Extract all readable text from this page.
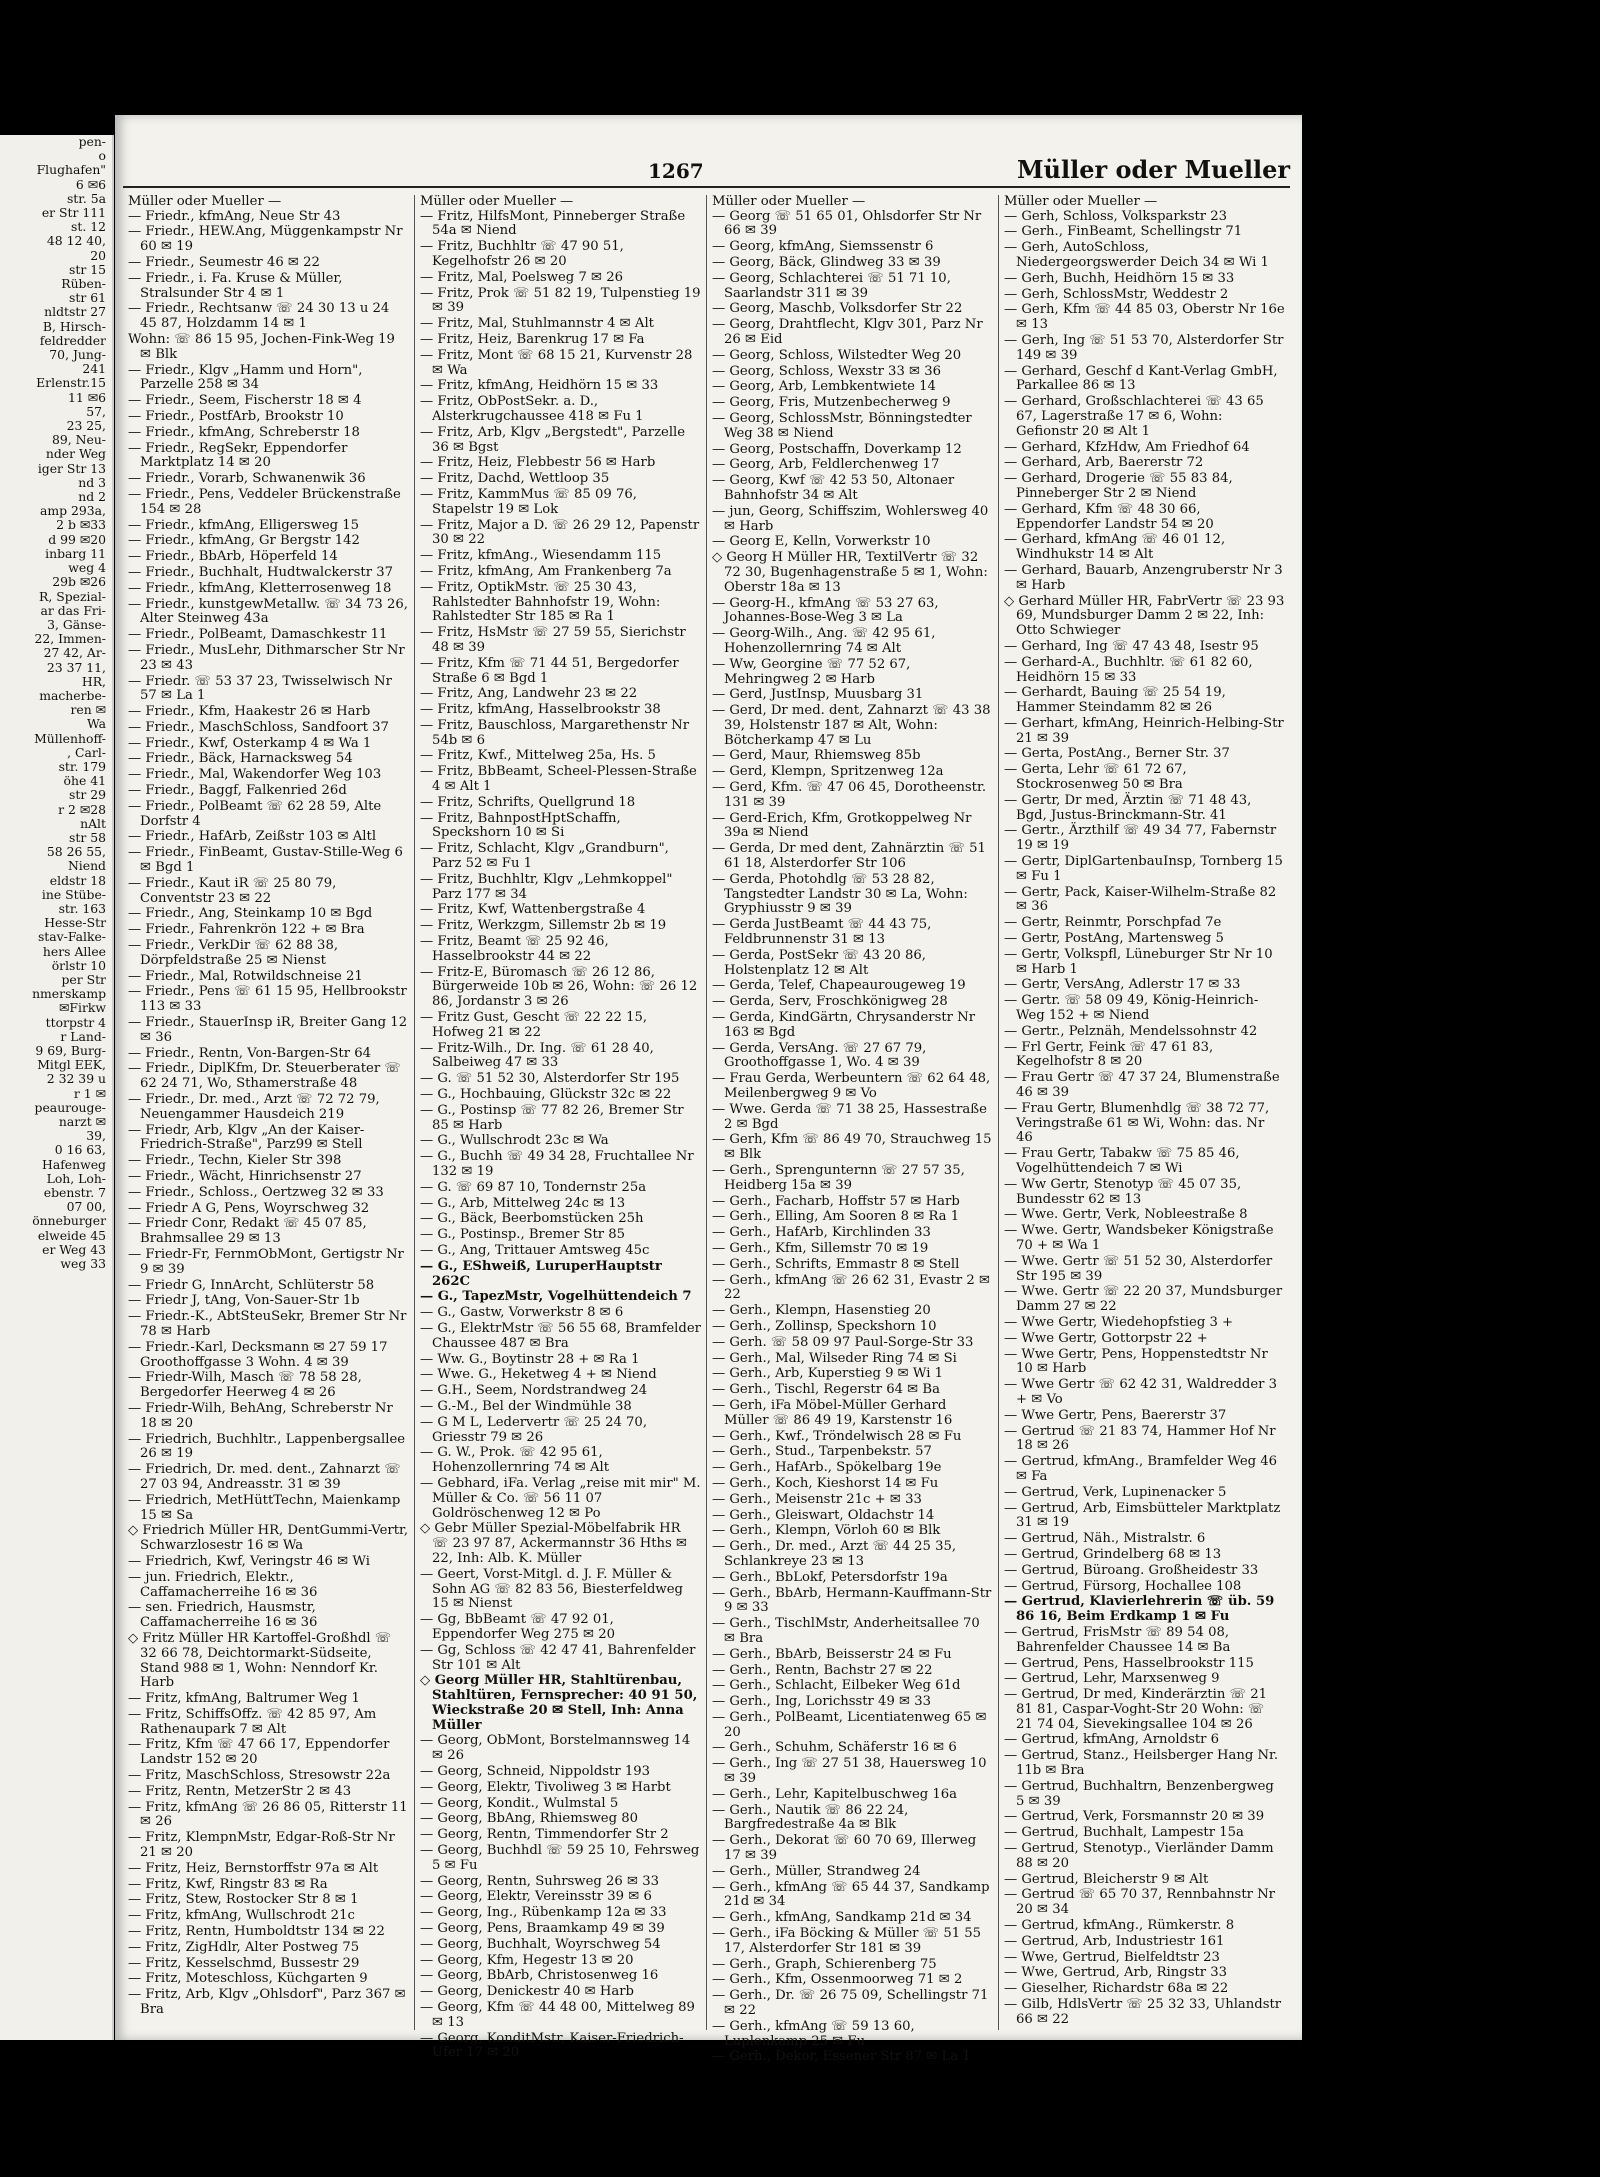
pen-
o
Flughafen"
6 ✉6
str. 5a
er Str 111
st. 12
48 12 40,
20
str 15
Rüben-
str 61
nldtstr 27
B, Hirsch-
feldredder
70, Jung-
241
Erlenstr.15
11 ✉6
57,
23 25,
89, Neu-
nder Weg
iger Str 13
nd 3
nd 2
amp 293a,
2 b ✉33
d 99 ✉20
inbarg 11
weg 4
29b ✉26
R, Spezial-
ar das Fri-
3, Gänse-
22, Immen-
27 42, Ar-
23 37 11,
HR,
macherbe-
ren ✉
Wa
Müllenhoff-
, Carl-
str. 179
öhe 41
str 29
r 2 ✉28
nAlt
str 58
58 26 55,
Niend
eldstr 18
ine Stübe-
str. 163
Hesse-Str
stav-Falke-
hers Allee
örlstr 10
per Str
nmerskamp
✉Firkw
ttorpstr 4
r Land-
9 69, Burg-
Mitgl EEK,
2 32 39 u
r 1 ✉
peaurouge-
narzt ✉
39,
0 16 63,
Hafenweg
Loh, Loh-
ebenstr. 7
07 00,
önneburger
elweide 45
er Weg 43
weg 33
1267	Müller oder Mueller
Müller oder Mueller —
— Friedr., kfmAng, Neue Str 43
— Friedr., HEW.Ang, Müggenkampstr Nr 60 ✉ 19
— Friedr., Seumestr 46 ✉ 22
— Friedr., i. Fa. Kruse & Müller, Stralsunder Str 4 ✉ 1
— Friedr., Rechtsanw ☏ 24 30 13 u 24 45 87, Holzdamm 14 ✉ 1
Wohn: ☏ 86 15 95, Jochen-Fink-Weg 19 ✉ Blk
— Friedr., Klgv „Hamm und Horn", Parzelle 258 ✉ 34
— Friedr., Seem, Fischerstr 18 ✉ 4
— Friedr., PostfArb, Brookstr 10
— Friedr., kfmAng, Schreberstr 18
— Friedr., RegSekr, Eppendorfer Marktplatz 14 ✉ 20
— Friedr., Vorarb, Schwanenwik 36
— Friedr., Pens, Veddeler Brückenstraße 154 ✉ 28
— Friedr., kfmAng, Elligersweg 15
— Friedr., kfmAng, Gr Bergstr 142
— Friedr., BbArb, Höperfeld 14
— Friedr., Buchhalt, Hudtwalckerstr 37
— Friedr., kfmAng, Kletterrosenweg 18
— Friedr., kunstgewMetallw. ☏ 34 73 26, Alter Steinweg 43a
— Friedr., PolBeamt, Damaschkestr 11
— Friedr., MusLehr, Dithmarscher Str Nr 23 ✉ 43
— Friedr. ☏ 53 37 23, Twisselwisch Nr 57 ✉ La 1
— Friedr., Kfm, Haakestr 26 ✉ Harb
— Friedr., MaschSchloss, Sandfoort 37
— Friedr., Kwf, Osterkamp 4 ✉ Wa 1
— Friedr., Bäck, Harnacksweg 54
— Friedr., Mal, Wakendorfer Weg 103
— Friedr., Baggf, Falkenried 26d
— Friedr., PolBeamt ☏ 62 28 59, Alte Dorfstr 4
— Friedr., HafArb, Zeißstr 103 ✉ Altl
— Friedr., FinBeamt, Gustav-Stille-Weg 6 ✉ Bgd 1
— Friedr., Kaut iR ☏ 25 80 79, Conventstr 23 ✉ 22
— Friedr., Ang, Steinkamp 10 ✉ Bgd
— Friedr., Fahrenkrön 122 + ✉ Bra
— Friedr., VerkDir ☏ 62 88 38, Dörpfeldstraße 25 ✉ Nienst
— Friedr., Mal, Rotwildschneise 21
— Friedr., Pens ☏ 61 15 95, Hellbrookstr 113 ✉ 33
— Friedr., StauerInsp iR, Breiter Gang 12 ✉ 36
— Friedr., Rentn, Von-Bargen-Str 64
— Friedr., DiplKfm, Dr. Steuerberater ☏ 62 24 71, Wo, Sthamerstraße 48
— Friedr., Dr. med., Arzt ☏ 72 72 79, Neuengammer Hausdeich 219
— Friedr, Arb, Klgv „An der Kaiser-Friedrich-Straße", Parz99 ✉ Stell
— Friedr., Techn, Kieler Str 398
— Friedr., Wächt, Hinrichsenstr 27
— Friedr., Schloss., Oertzweg 32 ✉ 33
— Friedr A G, Pens, Woyrschweg 32
— Friedr Conr, Redakt ☏ 45 07 85, Brahmsallee 29 ✉ 13
— Friedr-Fr, FernmObMont, Gertigstr Nr 9 ✉ 39
— Friedr G, InnArcht, Schlüterstr 58
— Friedr J, tAng, Von-Sauer-Str 1b
— Friedr.-K., AbtSteuSekr, Bremer Str Nr 78 ✉ Harb
— Friedr.-Karl, Decksmann ✉ 27 59 17 Groothoffgasse 3 Wohn. 4 ✉ 39
— Friedr-Wilh, Masch ☏ 78 58 28, Bergedorfer Heerweg 4 ✉ 26
— Friedr-Wilh, BehAng, Schreberstr Nr 18 ✉ 20
— Friedrich, Buchhltr., Lappenbergsallee 26 ✉ 19
— Friedrich, Dr. med. dent., Zahnarzt ☏ 27 03 94, Andreasstr. 31 ✉ 39
— Friedrich, MetHüttTechn, Maienkamp 15 ✉ Sa
◇ Friedrich Müller HR, DentGummi-Vertr, Schwarzlosestr 16 ✉ Wa
— Friedrich, Kwf, Veringstr 46 ✉ Wi
— jun. Friedrich, Elektr., Caffamacherreihe 16 ✉ 36
— sen. Friedrich, Hausmstr, Caffamacherreihe 16 ✉ 36
◇ Fritz Müller HR Kartoffel-Großhdl ☏ 32 66 78, Deichtormarkt-Südseite, Stand 988 ✉ 1, Wohn: Nenndorf Kr. Harb
— Fritz, kfmAng, Baltrumer Weg 1
— Fritz, SchiffsOffz. ☏ 42 85 97, Am Rathenaupark 7 ✉ Alt
— Fritz, Kfm ☏ 47 66 17, Eppendorfer Landstr 152 ✉ 20
— Fritz, MaschSchloss, Stresowstr 22a
— Fritz, Rentn, MetzerStr 2 ✉ 43
— Fritz, kfmAng ☏ 26 86 05, Ritterstr 11 ✉ 26
— Fritz, KlempnMstr, Edgar-Roß-Str Nr 21 ✉ 20
— Fritz, Heiz, Bernstorffstr 97a ✉ Alt
— Fritz, Kwf, Ringstr 83 ✉ Ra
— Fritz, Stew, Rostocker Str 8 ✉ 1
— Fritz, kfmAng, Wullschrodt 21c
— Fritz, Rentn, Humboldtstr 134 ✉ 22
— Fritz, ZigHdlr, Alter Postweg 75
— Fritz, Kesselschmd, Bussestr 29
— Fritz, Moteschloss, Küchgarten 9
— Fritz, Arb, Klgv „Ohlsdorf", Parz 367 ✉ Bra
Müller oder Mueller —
— Fritz, HilfsMont, Pinneberger Straße 54a ✉ Niend
— Fritz, Buchhltr ☏ 47 90 51, Kegelhofstr 26 ✉ 20
— Fritz, Mal, Poelsweg 7 ✉ 26
— Fritz, Prok ☏ 51 82 19, Tulpenstieg 19 ✉ 39
— Fritz, Mal, Stuhlmannstr 4 ✉ Alt
— Fritz, Heiz, Barenkrug 17 ✉ Fa
— Fritz, Mont ☏ 68 15 21, Kurvenstr 28 ✉ Wa
— Fritz, kfmAng, Heidhörn 15 ✉ 33
— Fritz, ObPostSekr. a. D., Alsterkrugchaussee 418 ✉ Fu 1
— Fritz, Arb, Klgv „Bergstedt", Parzelle 36 ✉ Bgst
— Fritz, Heiz, Flebbestr 56 ✉ Harb
— Fritz, Dachd, Wettloop 35
— Fritz, KammMus ☏ 85 09 76, Stapelstr 19 ✉ Lok
— Fritz, Major a D. ☏ 26 29 12, Papenstr 30 ✉ 22
— Fritz, kfmAng., Wiesendamm 115
— Fritz, kfmAng, Am Frankenberg 7a
— Fritz, OptikMstr. ☏ 25 30 43, Rahlstedter Bahnhofstr 19, Wohn: Rahlstedter Str 185 ✉ Ra 1
— Fritz, HsMstr ☏ 27 59 55, Sierichstr 48 ✉ 39
— Fritz, Kfm ☏ 71 44 51, Bergedorfer Straße 6 ✉ Bgd 1
— Fritz, Ang, Landwehr 23 ✉ 22
— Fritz, kfmAng, Hasselbrookstr 38
— Fritz, Bauschloss, Margarethenstr Nr 54b ✉ 6
— Fritz, Kwf., Mittelweg 25a, Hs. 5
— Fritz, BbBeamt, Scheel-Plessen-Straße 4 ✉ Alt 1
— Fritz, Schrifts, Quellgrund 18
— Fritz, BahnpostHptSchaffn, Speckshorn 10 ✉ Si
— Fritz, Schlacht, Klgv „Grandburn", Parz 52 ✉ Fu 1
— Fritz, Buchhltr, Klgv „Lehmkoppel" Parz 177 ✉ 34
— Fritz, Kwf, Wattenbergstraße 4
— Fritz, Werkzgm, Sillemstr 2b ✉ 19
— Fritz, Beamt ☏ 25 92 46, Hasselbrookstr 44 ✉ 22
— Fritz-E, Büromasch ☏ 26 12 86, Bürgerweide 10b ✉ 26, Wohn: ☏ 26 12 86, Jordanstr 3 ✉ 26
— Fritz Gust, Gescht ☏ 22 22 15, Hofweg 21 ✉ 22
— Fritz-Wilh., Dr. Ing. ☏ 61 28 40, Salbeiweg 47 ✉ 33
— G. ☏ 51 52 30, Alsterdorfer Str 195
— G., Hochbauing, Glückstr 32c ✉ 22
— G., Postinsp ☏ 77 82 26, Bremer Str 85 ✉ Harb
— G., Wullschrodt 23c ✉ Wa
— G., Buchh ☏ 49 34 28, Fruchtallee Nr 132 ✉ 19
— G. ☏ 69 87 10, Tondernstr 25a
— G., Arb, Mittelweg 24c ✉ 13
— G., Bäck, Beerbomstücken 25h
— G., Postinsp., Bremer Str 85
— G., Ang, Trittauer Amtsweg 45c
— G., EShweiß, LuruperHauptstr 262C
— G., TapezMstr, Vogelhüttendeich 7
— G., Gastw, Vorwerkstr 8 ✉ 6
— G., ElektrMstr ☏ 56 55 68, Bramfelder Chaussee 487 ✉ Bra
— Ww. G., Boytinstr 28 + ✉ Ra 1
— Wwe. G., Heketweg 4 + ✉ Niend
— G.H., Seem, Nordstrandweg 24
— G.-M., Bel der Windmühle 38
— G M L, Ledervertr ☏ 25 24 70, Griesstr 79 ✉ 26
— G. W., Prok. ☏ 42 95 61, Hohenzollernring 74 ✉ Alt
— Gebhard, iFa. Verlag „reise mit mir" M. Müller & Co. ☏ 56 11 07 Goldröschenweg 12 ✉ Po
◇ Gebr Müller Spezial-Möbelfabrik HR ☏ 23 97 87, Ackermannstr 36 Hths ✉ 22, Inh: Alb. K. Müller
— Geert, Vorst-Mitgl. d. J. F. Müller & Sohn AG ☏ 82 83 56, Biesterfeldweg 15 ✉ Nienst
— Gg, BbBeamt ☏ 47 92 01, Eppendorfer Weg 275 ✉ 20
— Gg, Schloss ☏ 42 47 41, Bahrenfelder Str 101 ✉ Alt
◇ Georg Müller HR, Stahltürenbau, Stahltüren, Fernsprecher: 40 91 50, Wieckstraße 20 ✉ Stell, Inh: Anna Müller
— Georg, ObMont, Borstelmannsweg 14 ✉ 26
— Georg, Schneid, Nippoldstr 193
— Georg, Elektr, Tivoliweg 3 ✉ Harbt
— Georg, Kondit., Wulmstal 5
— Georg, BbAng, Rhiemsweg 80
— Georg, Rentn, Timmendorfer Str 2
— Georg, Buchhdl ☏ 59 25 10, Fehrsweg 5 ✉ Fu
— Georg, Rentn, Suhrsweg 26 ✉ 33
— Georg, Elektr, Vereinsstr 39 ✉ 6
— Georg, Ing., Rübenkamp 12a ✉ 33
— Georg, Pens, Braamkamp 49 ✉ 39
— Georg, Buchhalt, Woyrschweg 54
— Georg, Kfm, Hegestr 13 ✉ 20
— Georg, BbArb, Christosenweg 16
— Georg, Denickestr 40 ✉ Harb
— Georg, Kfm ☏ 44 48 00, Mittelweg 89 ✉ 13
— Georg, KonditMstr, Kaiser-Friedrich-Ufer 17 ✉ 20
Müller oder Mueller —
— Georg ☏ 51 65 01, Ohlsdorfer Str Nr 66 ✉ 39
— Georg, kfmAng, Siemssenstr 6
— Georg, Bäck, Glindweg 33 ✉ 39
— Georg, Schlachterei ☏ 51 71 10, Saarlandstr 311 ✉ 39
— Georg, Maschb, Volksdorfer Str 22
— Georg, Drahtflecht, Klgv 301, Parz Nr 26 ✉ Eid
— Georg, Schloss, Wilstedter Weg 20
— Georg, Schloss, Wexstr 33 ✉ 36
— Georg, Arb, Lembkentwiete 14
— Georg, Fris, Mutzenbecherweg 9
— Georg, SchlossMstr, Bönningstedter Weg 38 ✉ Niend
— Georg, Postschaffn, Doverkamp 12
— Georg, Arb, Feldlerchenweg 17
— Georg, Kwf ☏ 42 53 50, Altonaer Bahnhofstr 34 ✉ Alt
— jun, Georg, Schiffszim, Wohlersweg 40 ✉ Harb
— Georg E, Kelln, Vorwerkstr 10
◇ Georg H Müller HR, TextilVertr ☏ 32 72 30, Bugenhagenstraße 5 ✉ 1, Wohn: Oberstr 18a ✉ 13
— Georg-H., kfmAng ☏ 53 27 63, Johannes-Bose-Weg 3 ✉ La
— Georg-Wilh., Ang. ☏ 42 95 61, Hohenzollernring 74 ✉ Alt
— Ww, Georgine ☏ 77 52 67, Mehringweg 2 ✉ Harb
— Gerd, JustInsp, Muusbarg 31
— Gerd, Dr med. dent, Zahnarzt ☏ 43 38 39, Holstenstr 187 ✉ Alt, Wohn: Bötcherkamp 47 ✉ Lu
— Gerd, Maur, Rhiemsweg 85b
— Gerd, Klempn, Spritzenweg 12a
— Gerd, Kfm. ☏ 47 06 45, Dorotheenstr. 131 ✉ 39
— Gerd-Erich, Kfm, Grotkoppelweg Nr 39a ✉ Niend
— Gerda, Dr med dent, Zahnärztin ☏ 51 61 18, Alsterdorfer Str 106
— Gerda, Photohdlg ☏ 53 28 82, Tangstedter Landstr 30 ✉ La, Wohn: Gryphiusstr 9 ✉ 39
— Gerda JustBeamt ☏ 44 43 75, Feldbrunnenstr 31 ✉ 13
— Gerda, PostSekr ☏ 43 20 86, Holstenplatz 12 ✉ Alt
— Gerda, Telef, Chapeaurougeweg 19
— Gerda, Serv, Froschkönigweg 28
— Gerda, KindGärtn, Chrysanderstr Nr 163 ✉ Bgd
— Gerda, VersAng. ☏ 27 67 79, Groothoffgasse 1, Wo. 4 ✉ 39
— Frau Gerda, Werbeuntern ☏ 62 64 48, Meilenbergweg 9 ✉ Vo
— Wwe. Gerda ☏ 71 38 25, Hassestraße 2 ✉ Bgd
— Gerh, Kfm ☏ 86 49 70, Strauchweg 15 ✉ Blk
— Gerh., Sprengunternn ☏ 27 57 35, Heidberg 15a ✉ 39
— Gerh., Facharb, Hoffstr 57 ✉ Harb
— Gerh., Elling, Am Sooren 8 ✉ Ra 1
— Gerh., HafArb, Kirchlinden 33
— Gerh., Kfm, Sillemstr 70 ✉ 19
— Gerh., Schrifts, Emmastr 8 ✉ Stell
— Gerh., kfmAng ☏ 26 62 31, Evastr 2 ✉ 22
— Gerh., Klempn, Hasenstieg 20
— Gerh., Zollinsp, Speckshorn 10
— Gerh. ☏ 58 09 97 Paul-Sorge-Str 33
— Gerh., Mal, Wilseder Ring 74 ✉ Si
— Gerh., Arb, Kuperstieg 9 ✉ Wi 1
— Gerh., Tischl, Regerstr 64 ✉ Ba
— Gerh, iFa Möbel-Müller Gerhard Müller ☏ 86 49 19, Karstenstr 16
— Gerh., Kwf., Tröndelwisch 28 ✉ Fu
— Gerh., Stud., Tarpenbekstr. 57
— Gerh., HafArb., Spökelbarg 19e
— Gerh., Koch, Kieshorst 14 ✉ Fu
— Gerh., Meisenstr 21c + ✉ 33
— Gerh., Gleiswart, Oldachstr 14
— Gerh., Klempn, Vörloh 60 ✉ Blk
— Gerh., Dr. med., Arzt ☏ 44 25 35, Schlankreye 23 ✉ 13
— Gerh., BbLokf, Petersdorfstr 19a
— Gerh., BbArb, Hermann-Kauffmann-Str 9 ✉ 33
— Gerh., TischlMstr, Anderheitsallee 70 ✉ Bra
— Gerh., BbArb, Beisserstr 24 ✉ Fu
— Gerh., Rentn, Bachstr 27 ✉ 22
— Gerh., Schlacht, Eilbeker Weg 61d
— Gerh., Ing, Lorichsstr 49 ✉ 33
— Gerh., PolBeamt, Licentiatenweg 65 ✉ 20
— Gerh., Schuhm, Schäferstr 16 ✉ 6
— Gerh., Ing ☏ 27 51 38, Hauersweg 10 ✉ 39
— Gerh., Lehr, Kapitelbuschweg 16a
— Gerh., Nautik ☏ 86 22 24, Bargfredestraße 4a ✉ Blk
— Gerh., Dekorat ☏ 60 70 69, Illerweg 17 ✉ 39
— Gerh., Müller, Strandweg 24
— Gerh., kfmAng ☏ 65 44 37, Sandkamp 21d ✉ 34
— Gerh., kfmAng, Sandkamp 21d ✉ 34
— Gerh., iFa Böcking & Müller ☏ 51 55 17, Alsterdorfer Str 181 ✉ 39
— Gerh., Graph, Schierenberg 75
— Gerh., Kfm, Ossenmoorweg 71 ✉ 2
— Gerh., Dr. ☏ 26 75 09, Schellingstr 71 ✉ 22
— Gerh., kfmAng ☏ 59 13 60, Luplenkamp 25 ✉ Fu
— Gerh., Dekor, Essener Str 87 ✉ La 1
Müller oder Mueller —
— Gerh, Schloss, Volksparkstr 23
— Gerh., FinBeamt, Schellingstr 71
— Gerh, AutoSchloss, Niedergeorgswerder Deich 34 ✉ Wi 1
— Gerh, Buchh, Heidhörn 15 ✉ 33
— Gerh, SchlossMstr, Weddestr 2
— Gerh, Kfm ☏ 44 85 03, Oberstr Nr 16e ✉ 13
— Gerh, Ing ☏ 51 53 70, Alsterdorfer Str 149 ✉ 39
— Gerhard, Geschf d Kant-Verlag GmbH, Parkallee 86 ✉ 13
— Gerhard, Großschlachterei ☏ 43 65 67, Lagerstraße 17 ✉ 6, Wohn: Gefionstr 20 ✉ Alt 1
— Gerhard, KfzHdw, Am Friedhof 64
— Gerhard, Arb, Baererstr 72
— Gerhard, Drogerie ☏ 55 83 84, Pinneberger Str 2 ✉ Niend
— Gerhard, Kfm ☏ 48 30 66, Eppendorfer Landstr 54 ✉ 20
— Gerhard, kfmAng ☏ 46 01 12, Windhukstr 14 ✉ Alt
— Gerhard, Bauarb, Anzengruberstr Nr 3 ✉ Harb
◇ Gerhard Müller HR, FabrVertr ☏ 23 93 69, Mundsburger Damm 2 ✉ 22, Inh: Otto Schwieger
— Gerhard, Ing ☏ 47 43 48, Isestr 95
— Gerhard-A., Buchhltr. ☏ 61 82 60, Heidhörn 15 ✉ 33
— Gerhardt, Bauing ☏ 25 54 19, Hammer Steindamm 82 ✉ 26
— Gerhart, kfmAng, Heinrich-Helbing-Str 21 ✉ 39
— Gerta, PostAng., Berner Str. 37
— Gerta, Lehr ☏ 61 72 67, Stockrosenweg 50 ✉ Bra
— Gertr, Dr med, Ärztin ☏ 71 48 43, Bgd, Justus-Brinckmann-Str. 41
— Gertr., Ärzthilf ☏ 49 34 77, Fabernstr 19 ✉ 19
— Gertr, DiplGartenbauInsp, Tornberg 15 ✉ Fu 1
— Gertr, Pack, Kaiser-Wilhelm-Straße 82 ✉ 36
— Gertr, Reinmtr, Porschpfad 7e
— Gertr, PostAng, Martensweg 5
— Gertr, Volkspfl, Lüneburger Str Nr 10 ✉ Harb 1
— Gertr, VersAng, Adlerstr 17 ✉ 33
— Gertr. ☏ 58 09 49, König-Heinrich-Weg 152 + ✉ Niend
— Gertr., Pelznäh, Mendelssohnstr 42
— Frl Gertr, Feink ☏ 47 61 83, Kegelhofstr 8 ✉ 20
— Frau Gertr ☏ 47 37 24, Blumenstraße 46 ✉ 39
— Frau Gertr, Blumenhdlg ☏ 38 72 77, Veringstraße 61 ✉ Wi, Wohn: das. Nr 46
— Frau Gertr, Tabakw ☏ 75 85 46, Vogelhüttendeich 7 ✉ Wi
— Ww Gertr, Stenotyp ☏ 45 07 35, Bundesstr 62 ✉ 13
— Wwe. Gertr, Verk, Nobleestraße 8
— Wwe. Gertr, Wandsbeker Königstraße 70 + ✉ Wa 1
— Wwe. Gertr ☏ 51 52 30, Alsterdorfer Str 195 ✉ 39
— Wwe. Gertr ☏ 22 20 37, Mundsburger Damm 27 ✉ 22
— Wwe Gertr, Wiedehopfstieg 3 +
— Wwe Gertr, Gottorpstr 22 +
— Wwe Gertr, Pens, Hoppenstedtstr Nr 10 ✉ Harb
— Wwe Gertr ☏ 62 42 31, Waldredder 3 + ✉ Vo
— Wwe Gertr, Pens, Baererstr 37
— Gertrud ☏ 21 83 74, Hammer Hof Nr 18 ✉ 26
— Gertrud, kfmAng., Bramfelder Weg 46 ✉ Fa
— Gertrud, Verk, Lupinenacker 5
— Gertrud, Arb, Eimsbütteler Marktplatz 31 ✉ 19
— Gertrud, Näh., Mistralstr. 6
— Gertrud, Grindelberg 68 ✉ 13
— Gertrud, Büroang. Großheidestr 33
— Gertrud, Fürsorg, Hochallee 108
— Gertrud, Klavierlehrerin ☏ üb. 59 86 16, Beim Erdkamp 1 ✉ Fu
— Gertrud, FrisMstr ☏ 89 54 08, Bahrenfelder Chaussee 14 ✉ Ba
— Gertrud, Pens, Hasselbrookstr 115
— Gertrud, Lehr, Marxsenweg 9
— Gertrud, Dr med, Kinderärztin ☏ 21 81 81, Caspar-Voght-Str 20 Wohn: ☏ 21 74 04, Sievekingsallee 104 ✉ 26
— Gertrud, kfmAng, Arnoldstr 6
— Gertrud, Stanz., Heilsberger Hang Nr. 11b ✉ Bra
— Gertrud, Buchhaltrn, Benzenbergweg 5 ✉ 39
— Gertrud, Verk, Forsmannstr 20 ✉ 39
— Gertrud, Buchhalt, Lampestr 15a
— Gertrud, Stenotyp., Vierländer Damm 88 ✉ 20
— Gertrud, Bleicherstr 9 ✉ Alt
— Gertrud ☏ 65 70 37, Rennbahnstr Nr 20 ✉ 34
— Gertrud, kfmAng., Rümkerstr. 8
— Gertrud, Arb, Industriestr 161
— Wwe, Gertrud, Bielfeldtstr 23
— Wwe, Gertrud, Arb, Ringstr 33
— Gieselher, Richardstr 68a ✉ 22
— Gilb, HdlsVertr ☏ 25 32 33, Uhlandstr 66 ✉ 22
